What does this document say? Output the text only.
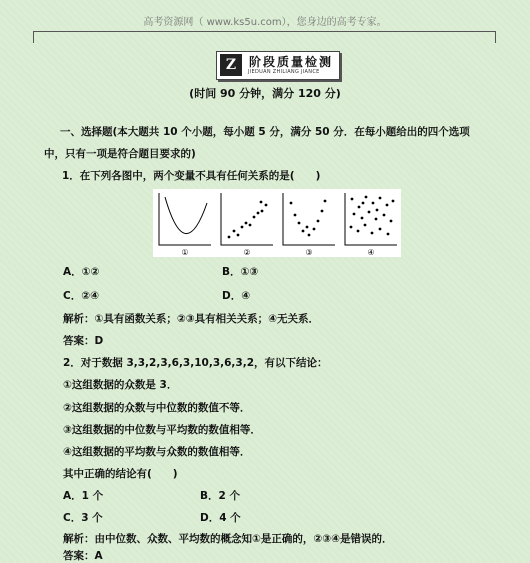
高考资源网（ www.ks5u.com），您身边的高考专家。
Z	阶段质量检测
JIEDUAN ZHILIANG JIANCE
(时间 90 分钟，满分 120 分)
一、选择题(本大题共 10 个小题，每小题 5 分，满分 50 分．在每小题给出的四个选项
中，只有一项是符合题目要求的)
1．在下列各图中，两个变量不具有任何关系的是(　　)
①	②	③	④
A．①②	B．①③
C．②④	D．④
解析：①具有函数关系；②③具有相关关系；④无关系．
答案：D
2．对于数据 3,3,2,3,6,3,10,3,6,3,2，有以下结论：
①这组数据的众数是 3．
②这组数据的众数与中位数的数值不等．
③这组数据的中位数与平均数的数值相等．
④这组数据的平均数与众数的数值相等．
其中正确的结论有(　　)
A．1 个	B．2 个
C．3 个	D．4 个
解析：由中位数、众数、平均数的概念知①是正确的，②③④是错误的．
答案：A
